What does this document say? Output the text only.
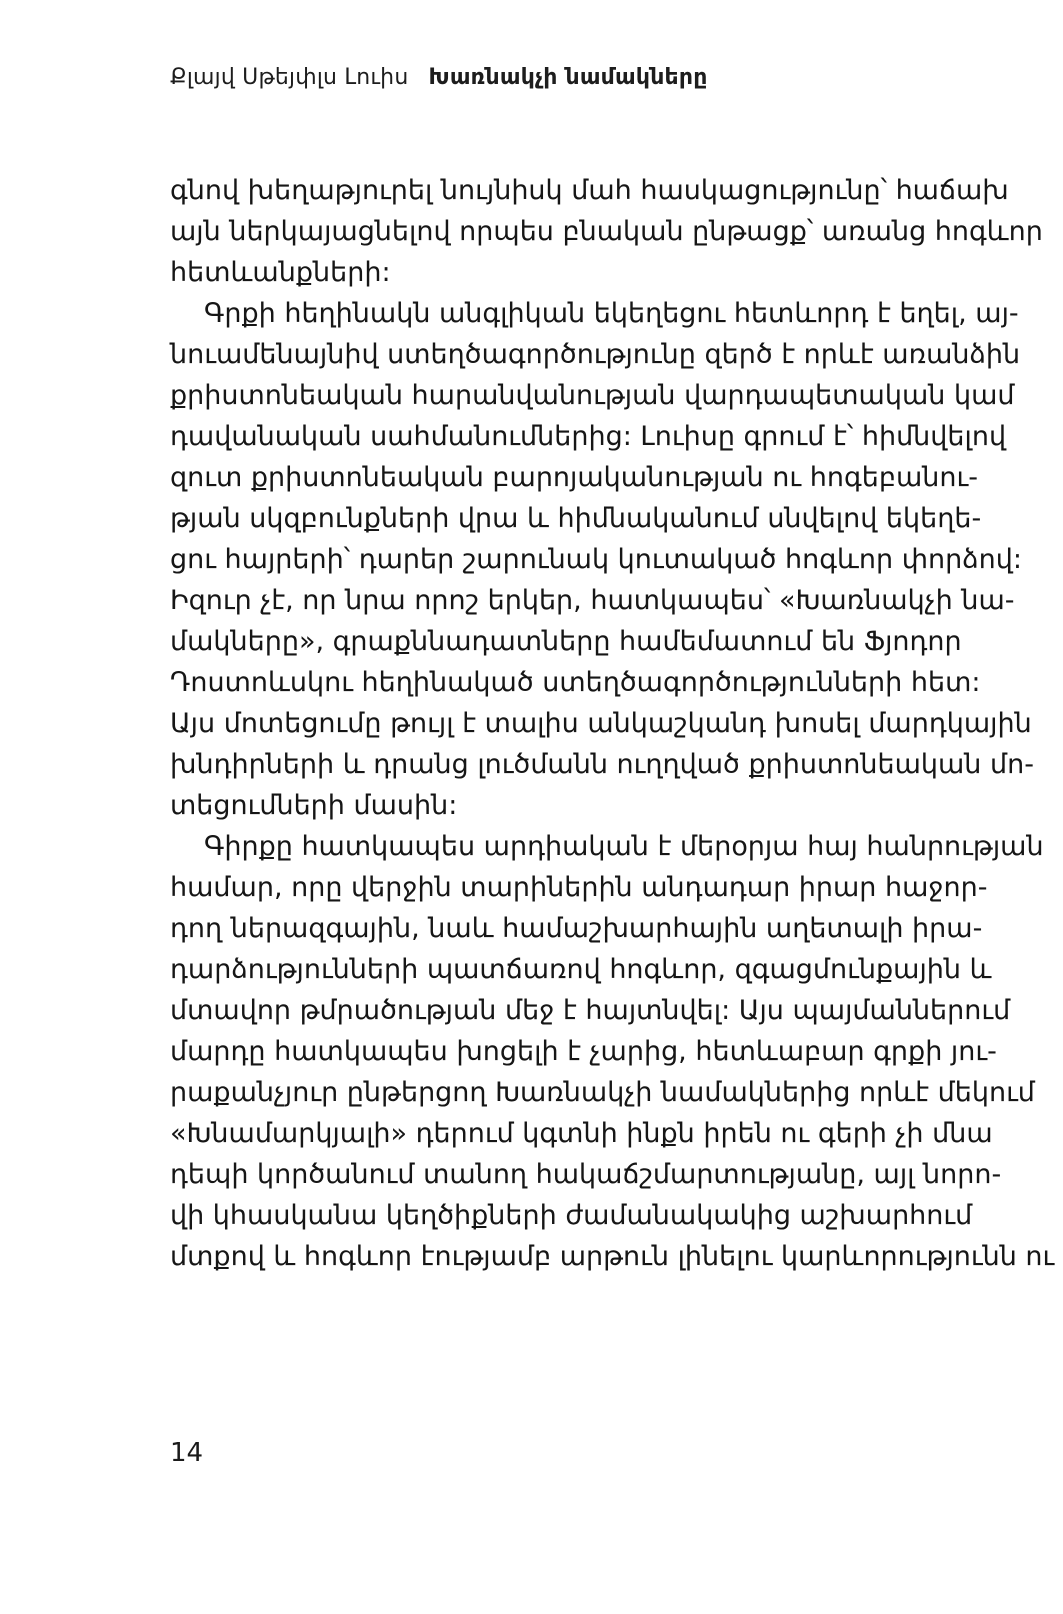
Քլայվ Սթեյփլս Լուիս Խառնակչի նամակները
գնով խեղաթյուրել նույնիսկ մահ հասկացությունը՝ հաճախ
այն ներկայացնելով որպես բնական ընթացք՝ առանց հոգևոր
հետևանքների:
Գրքի հեղինակն անգլիկան եկեղեցու հետևորդ է եղել, այ-
նուամենայնիվ ստեղծագործությունը զերծ է որևէ առանձին
քրիստոնեական հարանվանության վարդապետական կամ
դավանական սահմանումներից: Լուիսը գրում է՝ հիմնվելով
զուտ քրիստոնեական բարոյականության ու հոգեբանու-
թյան սկզբունքների վրա և հիմնականում սնվելով եկեղե-
ցու հայրերի՝ դարեր շարունակ կուտակած հոգևոր փորձով:
Իզուր չէ, որ նրա որոշ երկեր, հատկապես՝ «Խառնակչի նա-
մակները», գրաքննադատները համեմատում են Ֆյոդոր
Դոստոևսկու հեղինակած ստեղծագործությունների հետ:
Այս մոտեցումը թույլ է տալիս անկաշկանդ խոսել մարդկային
խնդիրների և դրանց լուծմանն ուղղված քրիստոնեական մո-
տեցումների մասին:
Գիրքը հատկապես արդիական է մերօրյա հայ հանրության
համար, որը վերջին տարիներին անդադար իրար հաջոր-
դող ներազգային, նաև համաշխարհային աղետալի իրա-
դարձությունների պատճառով հոգևոր, զգացմունքային և
մտավոր թմրածության մեջ է հայտնվել: Այս պայմաններում
մարդը հատկապես խոցելի է չարից, հետևաբար գրքի յու-
րաքանչյուր ընթերցող Խառնակչի նամակներից որևէ մեկում
«Խնամարկյալի» դերում կգտնի ինքն իրեն ու գերի չի մնա
դեպի կործանում տանող հակաճշմարտությանը, այլ նորո-
վի կհասկանա կեղծիքների ժամանակակից աշխարհում
մտքով և հոգևոր էությամբ արթուն լինելու կարևորությունն ու
14
